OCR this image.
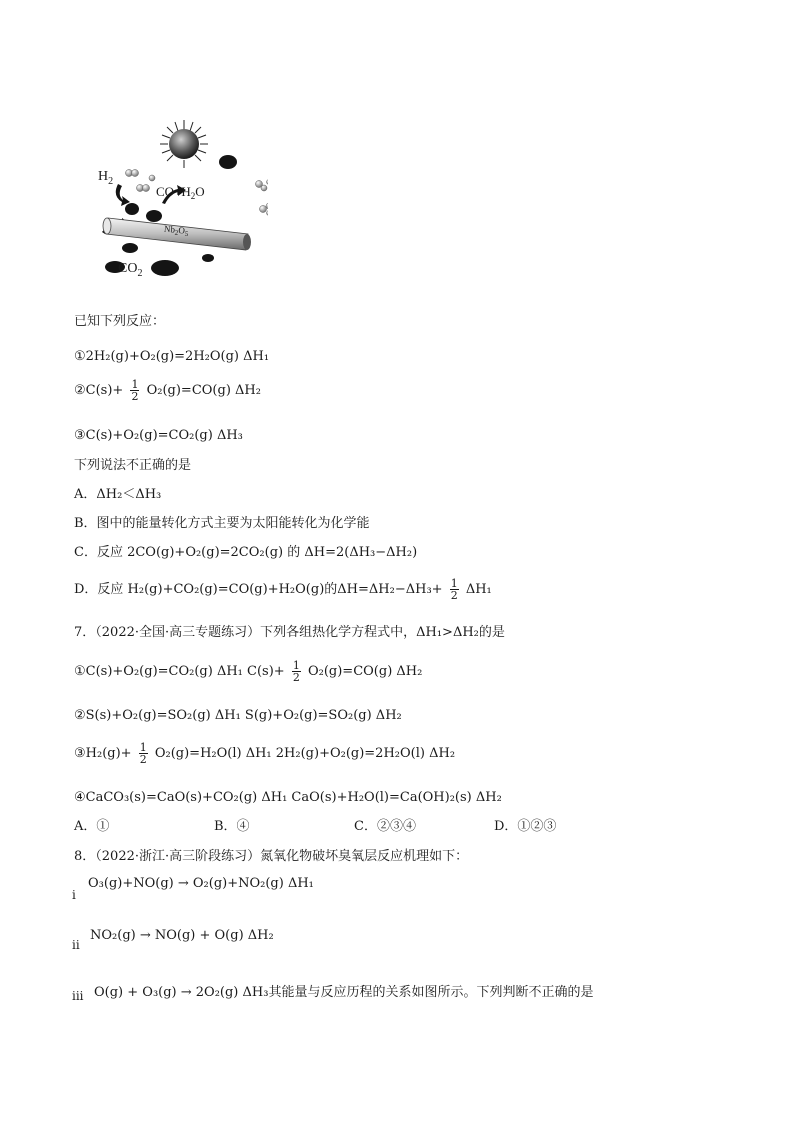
$H_2$
$CO+H_2O$
$Nb_2O_5$
$CO_2$
已知下列反应：
①2H₂(g)+O₂(g)=2H₂O(g) ΔH₁
②C(s)+ $\frac{1}{2} O_2(g)=CO(g)$ ΔH₂
③C(s)+O₂(g)=CO₂(g) ΔH₃
下列说法不正确的是
A．ΔH₂＜ΔH₃
B．图中的能量转化方式主要为太阳能转化为化学能
C．反应 2CO(g)+O₂(g)=2CO₂(g) 的 ΔH=2(ΔH₃−ΔH₂)
D．反应 H₂(g)+CO₂(g)=CO(g)+H₂O(g)的$\Delta H=\Delta H_2-\Delta H_3+ \frac{1}{2} \Delta H_1$
7．（2022·全国·高三专题练习）下列各组热化学方程式中，ΔH₁>ΔH₂的是
①C(s)+O₂(g)=CO₂(g) ΔH₁ $C(s)+ \frac{1}{2} O_2(g)=CO(g)$ ΔH₂
②S(s)+O₂(g)=SO₂(g) ΔH₁ S(g)+O₂(g)=SO₂(g) ΔH₂
③H₂(g)+ $\frac{1}{2} O_2(g)=H_2O(l)$ ΔH₁ 2H₂(g)+O₂(g)=2H₂O(l) ΔH₂
④CaCO₃(s)=CaO(s)+CO₂(g) ΔH₁ CaO(s)+H₂O(l)=Ca(OH)₂(s) ΔH₂
A．①	B．④	C．②③④	D．①②③
8．（2022·浙江·高三阶段练习）氮氧化物破坏臭氧层反应机理如下：
i
O₃(g)+NO(g) → O₂(g)+NO₂(g) ΔH₁
ii
NO₂(g) → NO(g) + O(g) ΔH₂
iii O(g) + O₃(g) → 2O₂(g) ΔH₃其能量与反应历程的关系如图所示。下列判断不正确的是
